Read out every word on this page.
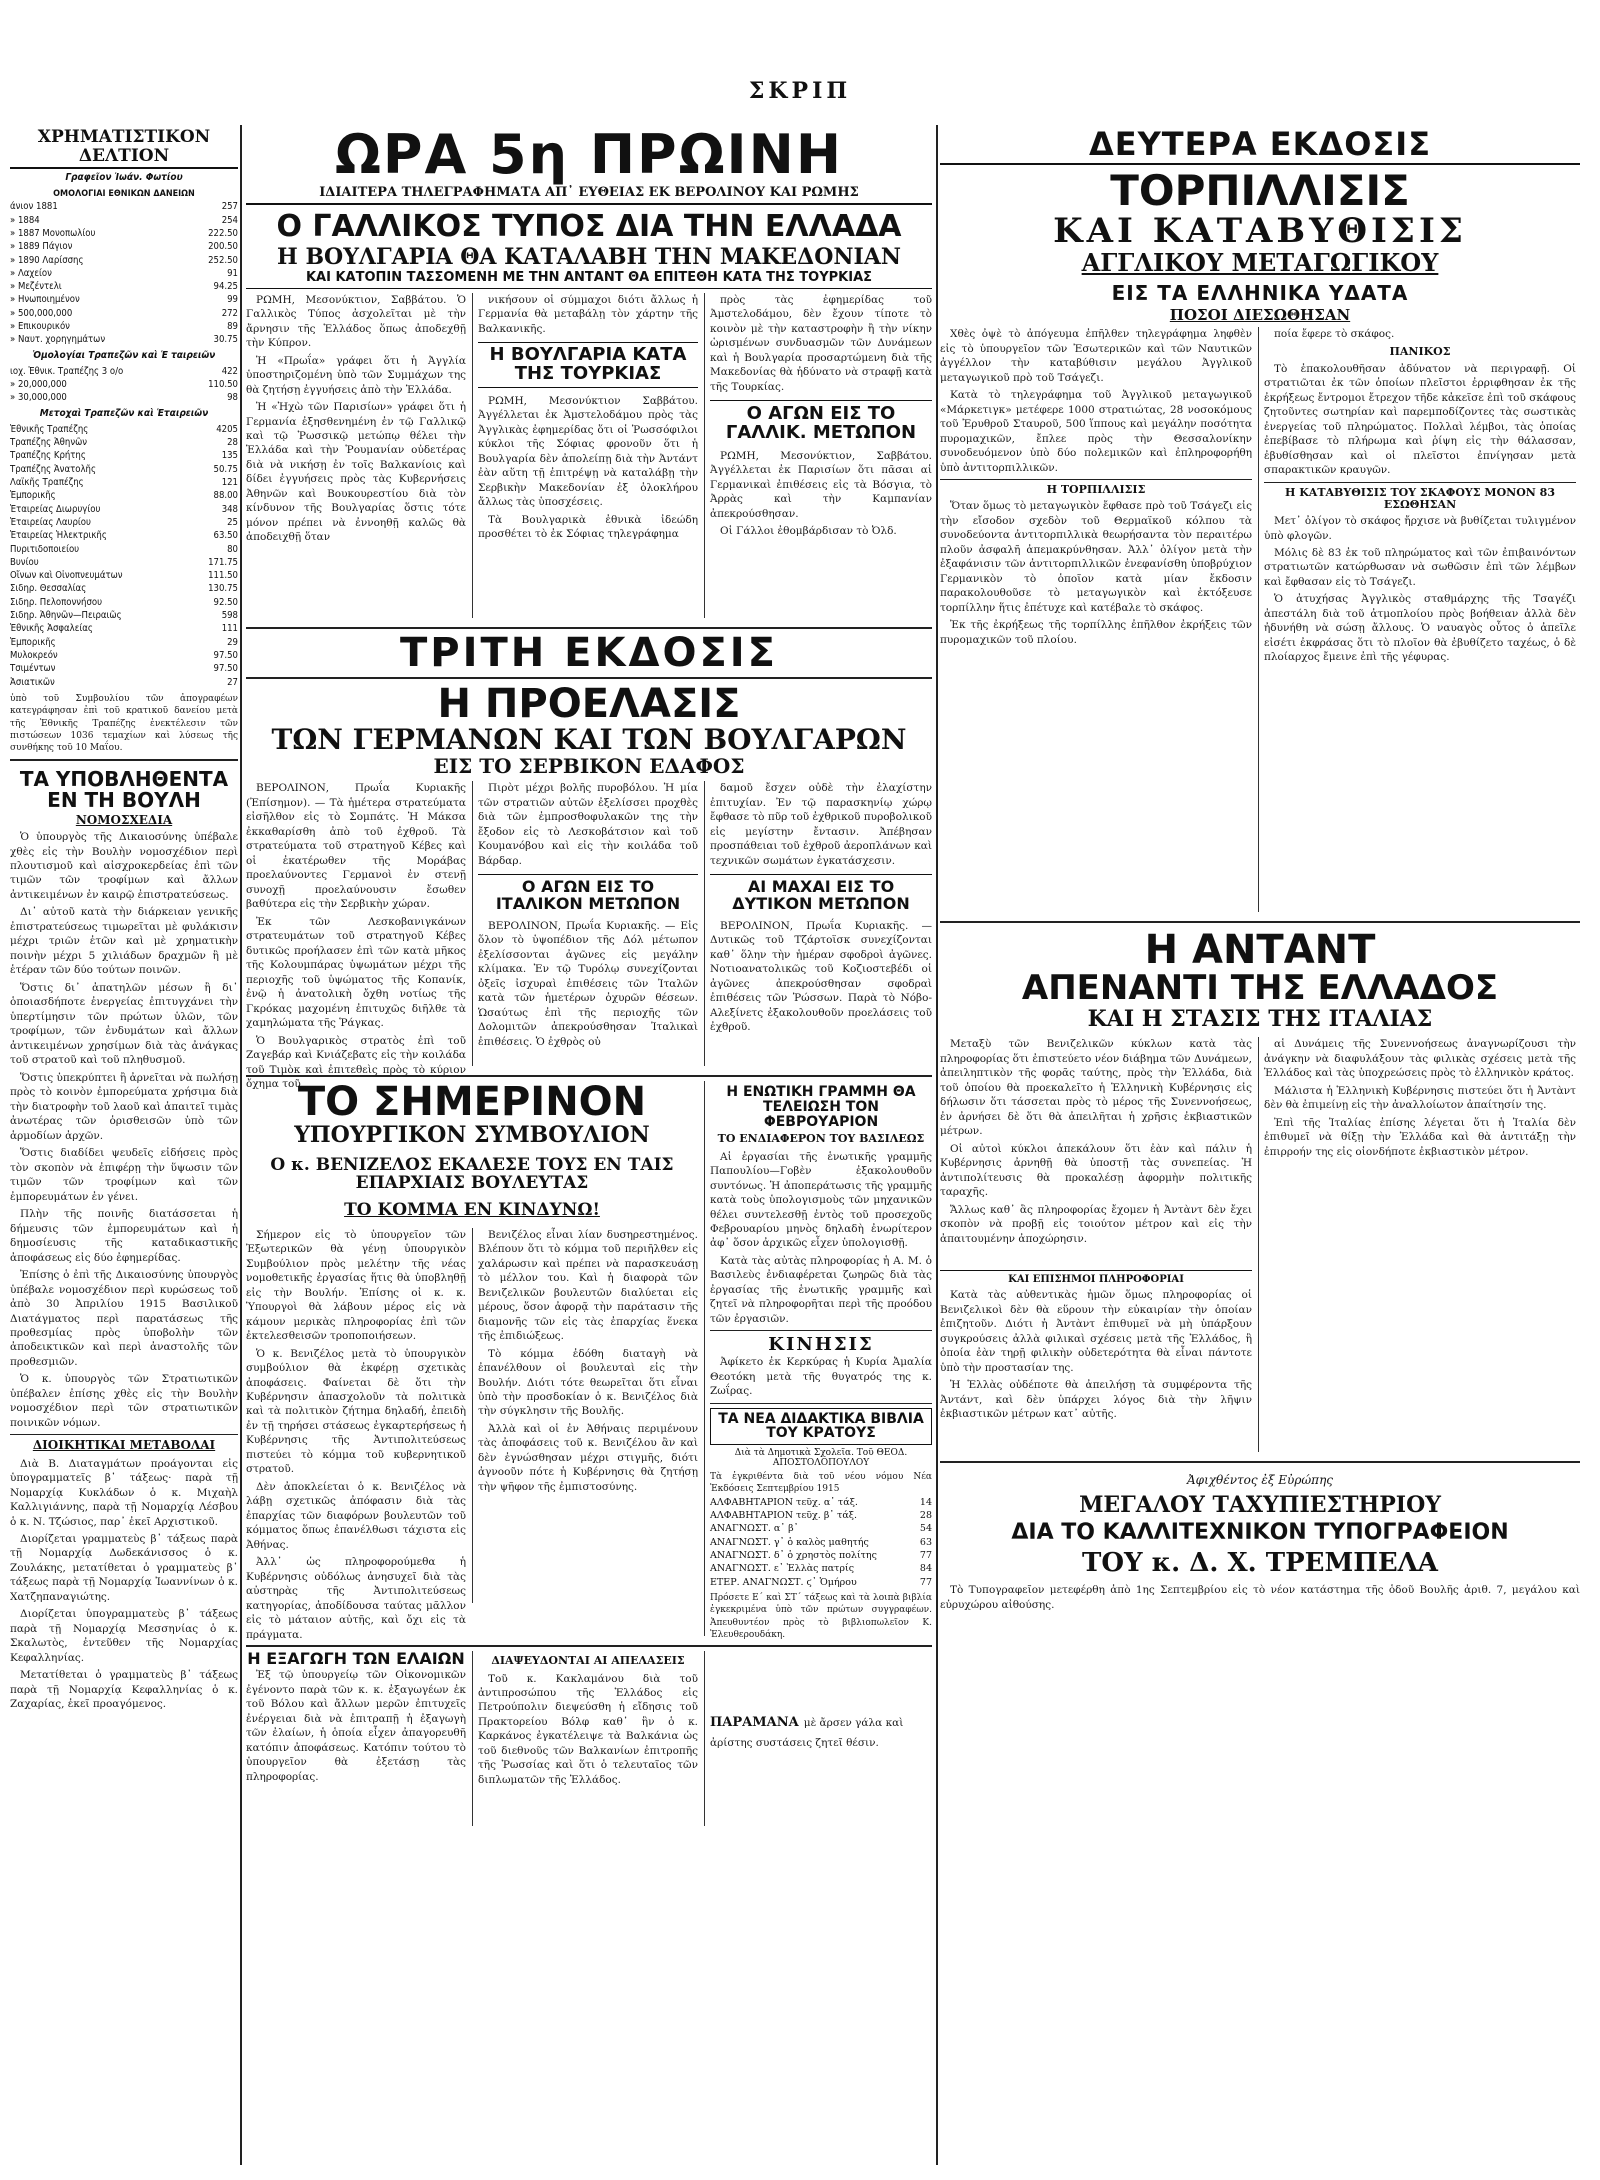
ΣΚΡΙΠ
ΧΡΗΜΑΤΙΣΤΙΚΟΝ ΔΕΛΤΙΟΝ
Γραφεῖον Ἰωάν. Φωτίου
ΟΜΟΛΟΓΙΑΙ ΕΘΝΙΚΩΝ ΔΑΝΕΙΩΝ
άνιον 1881	257
» 1884	254
» 1887 Μονοπωλίου	222.50
» 1889 Πάγιον	200.50
» 1890 Λαρίσσης	252.50
» Λαχείον	91
» Μεζέντελι	94.25
» Ηνωποιημένον	99
» 500,000,000	272
» Επικουρικόν	89
» Ναυτ. χορηγημάτων	30.75
Ὁμολογίαι Τραπεζῶν καὶ Ἑ ταιρειῶν
ιοχ. Ἐθνικ. Τραπέζης 3 ο/ο	422
» 20,000,000	110.50
» 30,000,000	98
Μετοχαὶ Τραπεζῶν καὶ Ἑταιρειῶν
Ἐθνικῆς Τραπέζης	4205
Τραπέζης Ἀθηνῶν	28
Τραπέζης Κρήτης	135
Τραπέζης Ἀνατολῆς	50.75
Λαϊκῆς Τραπέζης	121
Ἐμπορικῆς	88.00
Ἑταιρείας Διωρυγίου	348
Ἑταιρείας Λαυρίου	25
Ἑταιρείας Ἠλεκτρικῆς	63.50
Πυριτιδοποιείου	80
Βυνίου	171.75
Οἴνων καὶ Οἰνοπνευμάτων	111.50
Σιδηρ. Θεσσαλίας	130.75
Σιδηρ. Πελοποννήσου	92.50
Σιδηρ. Ἀθηνῶν—Πειραιῶς	598
Ἐθνικῆς Ἀσφαλείας	111
Ἐμπορικῆς	29
Μυλοκρεόν	97.50
Τσιμέντων	97.50
Ἀσιατικῶν	27
ὑπὸ τοῦ Συμβουλίου τῶν ἀπογραφέων κατεγράφησαν ἐπὶ τοῦ κρατικοῦ δανείου μετὰ τῆς Ἐθνικῆς Τραπέζης ἐνεκτέλεσιν τῶν πιστώσεων 1036 τεμαχίων καὶ λύσεως τῆς συνθήκης τοῦ 10 Μαΐου.
ΤΑ ΥΠΟΒΛΗΘΕΝΤΑ ΕΝ ΤΗ ΒΟΥΛΗ
ΝΟΜΟΣΧΕΔΙΑ

Ὁ ὑπουργὸς τῆς Δικαιοσύνης ὑπέβαλε χθὲς εἰς τὴν Βουλὴν νομοσχέδιον περὶ πλουτισμοῦ καὶ αἰσχροκερδείας ἐπὶ τῶν τιμῶν τῶν τροφίμων καὶ ἄλλων ἀντικειμένων ἐν καιρῷ ἐπιστρατεύσεως.

Δι᾽ αὐτοῦ κατὰ τὴν διάρκειαν γενικῆς ἐπιστρατεύσεως τιμωρεῖται μὲ φυλάκισιν μέχρι τριῶν ἐτῶν καὶ μὲ χρηματικὴν ποινὴν μέχρι 5 χιλιάδων δραχμῶν ἢ μὲ ἑτέραν τῶν δύο τούτων ποινῶν.

Ὅστις δι᾽ ἀπατηλῶν μέσων ἢ δι᾽ ὁποιασδήποτε ἐνεργείας ἐπιτυγχάνει τὴν ὑπερτίμησιν τῶν πρώτων ὑλῶν, τῶν τροφίμων, τῶν ἐνδυμάτων καὶ ἄλλων ἀντικειμένων χρησίμων διὰ τὰς ἀνάγκας τοῦ στρατοῦ καὶ τοῦ πληθυσμοῦ.

Ὅστις ὑπεκρύπτει ἢ ἀρνεῖται νὰ πωλήσῃ πρὸς τὸ κοινὸν ἐμπορεύματα χρήσιμα διὰ τὴν διατροφὴν τοῦ λαοῦ καὶ ἀπαιτεῖ τιμὰς ἀνωτέρας τῶν ὁρισθεισῶν ὑπὸ τῶν ἁρμοδίων ἀρχῶν.

Ὅστις διαδίδει ψευδεῖς εἰδήσεις πρὸς τὸν σκοπὸν νὰ ἐπιφέρῃ τὴν ὕψωσιν τῶν τιμῶν τῶν τροφίμων καὶ τῶν ἐμπορευμάτων ἐν γένει.

Πλὴν τῆς ποινῆς διατάσσεται ἡ δήμευσις τῶν ἐμπορευμάτων καὶ ἡ δημοσίευσις τῆς καταδικαστικῆς ἀποφάσεως εἰς δύο ἐφημερίδας.

Ἐπίσης ὁ ἐπὶ τῆς Δικαιοσύνης ὑπουργὸς ὑπέβαλε νομοσχέδιον περὶ κυρώσεως τοῦ ἀπὸ 30 Ἀπριλίου 1915 Βασιλικοῦ Διατάγματος περὶ παρατάσεως τῆς προθεσμίας πρὸς ὑποβολὴν τῶν ἀποδεικτικῶν καὶ περὶ ἀναστολῆς τῶν προθεσμιῶν.

Ὁ κ. ὑπουργὸς τῶν Στρατιωτικῶν ὑπέβαλεν ἐπίσης χθὲς εἰς τὴν Βουλὴν νομοσχέδιον περὶ τῶν στρατιωτικῶν ποινικῶν νόμων.

ΔΙΟΙΚΗΤΙΚΑΙ ΜΕΤΑΒΟΛΑΙ

Διὰ Β. Διαταγμάτων προάγονται εἰς ὑπογραμματεῖς β᾽ τάξεως· παρὰ τῇ Νομαρχίᾳ Κυκλάδων ὁ κ. Μιχαὴλ Καλλιγιάννης, παρὰ τῇ Νομαρχίᾳ Λέσβου ὁ κ. Ν. Τζώσιος, παρ᾽ ἐκεῖ Αρχιστικοῦ.

Διορίζεται γραμματεὺς β᾽ τάξεως παρὰ τῇ Νομαρχίᾳ Δωδεκάνισσος ὁ κ. Ζουλάκης, μετατίθεται ὁ γραμματεὺς β᾽ τάξεως παρὰ τῇ Νομαρχίᾳ Ἰωαννίνων ὁ κ. Χατζηπαναγιώτης.

Διορίζεται ὑπογραμματεὺς β᾽ τάξεως παρὰ τῇ Νομαρχίᾳ Μεσσηνίας ὁ κ. Σκαλωτὸς, ἐντεῦθεν τῆς Νομαρχίας Κεφαλληνίας.

Μετατίθεται ὁ γραμματεὺς β᾽ τάξεως παρὰ τῇ Νομαρχίᾳ Κεφαλληνίας ὁ κ. Ζαχαρίας, ἐκεῖ προαγόμενος.

ΩΡΑ 5η ΠΡΩΙΝΗ
ΙΔΙΑΙΤΕΡΑ ΤΗΛΕΓΡΑΦΗΜΑΤΑ ΑΠ᾽ ΕΥΘΕΙΑΣ ΕΚ ΒΕΡΟΛΙΝΟΥ ΚΑΙ ΡΩΜΗΣ
Ο ΓΑΛΛΙΚΟΣ ΤΥΠΟΣ ΔΙΑ ΤΗΝ ΕΛΛΑΔΑ
Η ΒΟΥΛΓΑΡΙΑ ΘΑ ΚΑΤΑΛΑΒΗ ΤΗΝ ΜΑΚΕΔΟΝΙΑΝ
ΚΑΙ ΚΑΤΟΠΙΝ ΤΑΣΣΟΜΕΝΗ ΜΕ ΤΗΝ ΑΝΤΑΝΤ ΘΑ ΕΠΙΤΕΘΗ ΚΑΤΑ ΤΗΣ ΤΟΥΡΚΙΑΣ

ΡΩΜΗ, Μεσονύκτιον, Σαββάτου. Ὁ Γαλλικὸς Τύπος ἀσχολεῖται μὲ τὴν ἄρνησιν τῆς Ἑλλάδος ὅπως ἀποδεχθῇ τὴν Κύπρον.

Ἡ «Πρωΐα» γράφει ὅτι ἡ Ἀγγλία ὑποστηριζομένη ὑπὸ τῶν Συμμάχων της θὰ ζητήσῃ ἐγγυήσεις ἀπὸ τὴν Ἑλλάδα.

Ἡ «Ἠχὼ τῶν Παρισίων» γράφει ὅτι ἡ Γερμανία ἐξησθενημένη ἐν τῷ Γαλλικῷ καὶ τῷ Ῥωσσικῷ μετώπῳ θέλει τὴν Ἑλλάδα καὶ τὴν Ῥουμανίαν οὐδετέρας διὰ νὰ νικήσῃ ἐν τοῖς Βαλκανίοις καὶ δίδει ἐγγυήσεις πρὸς τὰς Κυβερνήσεις Ἀθηνῶν καὶ Βουκουρεστίου διὰ τὸν κίνδυνον τῆς Βουλγαρίας ὅστις τότε μόνον πρέπει νὰ ἐννοηθῇ καλῶς θὰ ἀποδειχθῇ ὅταν

νικήσουν οἱ σύμμαχοι διότι ἄλλως ἡ Γερμανία θὰ μεταβάλῃ τὸν χάρτην τῆς Βαλκανικῆς.

Η ΒΟΥΛΓΑΡΙΑ ΚΑΤΑ ΤΗΣ ΤΟΥΡΚΙΑΣ

ΡΩΜΗ, Μεσονύκτιον Σαββάτου. Ἀγγέλλεται ἐκ Ἀμστελοδάμου πρὸς τὰς Ἀγγλικὰς ἐφημερίδας ὅτι οἱ Ῥωσσόφιλοι κύκλοι τῆς Σόφιας φρονοῦν ὅτι ἡ Βουλγαρία δὲν ἀπολείπῃ διὰ τὴν Ἀντάντ ἐὰν αὕτη τῇ ἐπιτρέψῃ νὰ καταλάβῃ τὴν Σερβικὴν Μακεδονίαν ἐξ ὁλοκλήρου ἄλλως τὰς ὑποσχέσεις.

Τὰ Βουλγαρικὰ ἐθνικὰ ἰδεώδη προσθέτει τὸ ἐκ Σόφιας τηλεγράφημα

πρὸς τὰς ἐφημερίδας τοῦ Ἀμστελοδάμου, δὲν ἔχουν τίποτε τὸ κοινὸν μὲ τὴν καταστροφὴν ἢ τὴν νίκην ὡρισμένων συνδυασμῶν τῶν Δυνάμεων καὶ ἡ Βουλγαρία προσαρτώμενη διὰ τῆς Μακεδονίας θὰ ἠδύνατο νὰ στραφῇ κατὰ τῆς Τουρκίας.

Ο ΑΓΩΝ ΕΙΣ ΤΟ ΓΑΛΛΙΚ. ΜΕΤΩΠΟΝ

ΡΩΜΗ, Μεσονύκτιον, Σαββάτου. Ἀγγέλλεται ἐκ Παρισίων ὅτι πᾶσαι αἱ Γερμανικαὶ ἐπιθέσεις εἰς τὰ Βόσγια, τὸ Ἀρρὰς καὶ τὴν Καμπανίαν ἀπεκρούσθησαν.

Οἱ Γάλλοι ἐθομβάρδισαν τὸ Ὀλδ.

ΤΡΙΤΗ ΕΚΔΟΣΙΣ
Η ΠΡΟΕΛΑΣΙΣ
ΤΩΝ ΓΕΡΜΑΝΩΝ ΚΑΙ ΤΩΝ ΒΟΥΛΓΑΡΩΝ
ΕΙΣ ΤΟ ΣΕΡΒΙΚΟΝ ΕΔΑΦΟΣ

ΒΕΡΟΛΙΝΟΝ, Πρωΐα Κυριακῆς (Ἐπίσημον). — Τὰ ἡμέτερα στρατεύματα εἰσῆλθον εἰς τὸ Σομπάτς. Ἡ Μάκσα ἐκκαθαρίσθη ἀπὸ τοῦ ἐχθροῦ. Τὰ στρατεύματα τοῦ στρατηγοῦ Κέβες καὶ οἱ ἐκατέρωθεν τῆς Μοράβας προελαύνοντες Γερμανοὶ ἐν στενῇ συνοχῇ προελαύνουσιν ἔσωθεν βαθύτερα εἰς τὴν Σερβικὴν χώραν.

Ἐκ τῶν Λεσκοβανιγκάνων στρατευμάτων τοῦ στρατηγοῦ Κέβες δυτικῶς προήλασεν ἐπὶ τῶν κατὰ μῆκος τῆς Κολουμπάρας ὑψωμάτων μέχρι τῆς περιοχῆς τοῦ ὑψώματος τῆς Κοπανίκ, ἐνῷ ἡ ἀνατολικὴ ὄχθη νοτίως τῆς Γκρόκας μαχομένη ἐπιτυχῶς διῆλθε τὰ χαμηλώματα τῆς Ῥάγκας.

Ὁ Βουλγαρικὸς στρατὸς ἐπὶ τοῦ Ζαγεβάρ καὶ Κνιάζεβατς εἰς τὴν κοιλάδα τοῦ Τιμὸκ καὶ ἐπιτεθεὶς πρὸς τὸ κύριον ὄχημα τοῦ

Πιρὸτ μέχρι βολῆς πυροβόλου. Ἡ μία τῶν στρατιῶν αὐτῶν ἐξελίσσει προχθὲς διὰ τῶν ἐμπροσθοφυλακῶν της τὴν ἔξοδον εἰς τὸ Λεσκοβάτσιον καὶ τοῦ Κουμανόβου καὶ εἰς τὴν κοιλάδα τοῦ Βάρδαρ.

Ο ΑΓΩΝ ΕΙΣ ΤΟ ΙΤΑΛΙΚΟΝ ΜΕΤΩΠΟΝ

ΒΕΡΟΛΙΝΟΝ, Πρωΐα Κυριακῆς. — Εἰς ὅλον τὸ ὑψοπέδιον τῆς Δόλ μέτωπον ἐξελίσσονται ἀγῶνες εἰς μεγάλην κλίμακα. Ἐν τῷ Τυρόλῳ συνεχίζονται ὀξεῖς ἰσχυραὶ ἐπιθέσεις τῶν Ἰταλῶν κατὰ τῶν ἡμετέρων ὀχυρῶν θέσεων. Ὡσαύτως ἐπὶ τῆς περιοχῆς τῶν Δολομιτῶν ἀπεκρούσθησαν Ἰταλικαὶ ἐπιθέσεις. Ὁ ἐχθρὸς οὐ

δαμοῦ ἔσχεν οὐδὲ τὴν ἐλαχίστην ἐπιτυχίαν. Ἐν τῷ παρασκηνίῳ χώρῳ ἔφθασε τὸ πῦρ τοῦ ἐχθρικοῦ πυροβολικοῦ εἰς μεγίστην ἔντασιν. Ἀπέβησαν προσπάθειαι τοῦ ἐχθροῦ ἀεροπλάνων καὶ τεχνικῶν σωμάτων ἐγκατάσχεσιν.

ΑΙ ΜΑΧΑΙ ΕΙΣ ΤΟ ΔΥΤΙΚΟΝ ΜΕΤΩΠΟΝ

ΒΕΡΟΛΙΝΟΝ, Πρωΐα Κυριακῆς. — Δυτικῶς τοῦ Τζάρτοϊσκ συνεχίζονται καθ᾽ ὅλην τὴν ἡμέραν σφοδροὶ ἀγῶνες. Νοτιοανατολικῶς τοῦ Κοζιοστεβέδι οἱ ἀγῶνες ἀπεκρούσθησαν σφοδραὶ ἐπιθέσεις τῶν Ῥώσσων. Παρὰ τὸ Νόβο-Αλεξίνετς ἐξακολουθοῦν προελάσεις τοῦ ἐχθροῦ.

ΤΟ ΣΗΜΕΡΙΝΟΝ
ΥΠΟΥΡΓΙΚΟΝ ΣΥΜΒΟΥΛΙΟΝ
Ο κ. ΒΕΝΙΖΕΛΟΣ ΕΚΑΛΕΣΕ ΤΟΥΣ ΕΝ ΤΑΙΣ ΕΠΑΡΧΙΑΙΣ ΒΟΥΛΕΥΤΑΣ
ΤΟ ΚΟΜΜΑ ΕΝ ΚΙΝΔΥΝΩ!

Σήμερον εἰς τὸ ὑπουργεῖον τῶν Ἐξωτερικῶν θὰ γένῃ ὑπουργικὸν Συμβούλιον πρὸς μελέτην τῆς νέας νομοθετικῆς ἐργασίας ἥτις θὰ ὑποβληθῇ εἰς τὴν Βουλήν. Ἐπίσης οἱ κ. κ. Ὑπουργοὶ θὰ λάβουν μέρος εἰς νὰ κάμουν μερικὰς πληροφορίας ἐπὶ τῶν ἐκτελεσθεισῶν τροποποιήσεων.

Ὁ κ. Βενιζέλος μετὰ τὸ ὑπουργικὸν συμβούλιον θὰ ἐκφέρῃ σχετικὰς ἀποφάσεις. Φαίνεται δὲ ὅτι τὴν Κυβέρνησιν ἀπασχολοῦν τὰ πολιτικὰ καὶ τὰ πολιτικὸν ζήτημα δηλαδή, ἐπειδὴ ἐν τῇ τηρήσει στάσεως ἐγκαρτερήσεως ἡ Κυβέρνησις τῆς Ἀντιπολιτεύσεως πιστεύει τὸ κόμμα τοῦ κυβερνητικοῦ στρατοῦ.

Δὲν ἀποκλείεται ὁ κ. Βενιζέλος νὰ λάβῃ σχετικῶς ἀπόφασιν διὰ τὰς ἐπαρχίας τῶν διαφόρων βουλευτῶν τοῦ κόμματος ὅπως ἐπανέλθωσι τάχιστα εἰς Ἀθήνας.

Ἀλλ᾽ ὡς πληροφορούμεθα ἡ Κυβέρνησις οὐδόλως ἀνησυχεῖ διὰ τὰς αὐστηρὰς τῆς Ἀντιπολιτεύσεως κατηγορίας, ἀποδίδουσα ταύτας μᾶλλον εἰς τὸ μάταιον αὐτῆς, καὶ ὄχι εἰς τὰ πράγματα.

Βενιζέλος εἶναι λίαν δυσηρεστημένος. Βλέπουν ὅτι τὸ κόμμα τοῦ περιῆλθεν εἰς χαλάρωσιν καὶ πρέπει νὰ παρασκευάσῃ τὸ μέλλον του. Καὶ ἡ διαφορὰ τῶν Βενιζελικῶν βουλευτῶν διαλύεται εἰς μέρους, ὅσον ἀφορᾷ τὴν παράτασιν τῆς διαμονῆς τῶν εἰς τὰς ἐπαρχίας ἕνεκα τῆς ἐπιδιώξεως.

Τὸ κόμμα ἐδόθη διαταγὴ νὰ ἐπανέλθουν οἱ βουλευταὶ εἰς τὴν Βουλήν. Διότι τότε θεωρεῖται ὅτι εἶναι ὑπὸ τὴν προσδοκίαν ὁ κ. Βενιζέλος διὰ τὴν σύγκλησιν τῆς Βουλῆς.

Ἀλλὰ καὶ οἱ ἐν Ἀθήναις περιμένουν τὰς ἀποφάσεις τοῦ κ. Βενιζέλου ἂν καὶ δὲν ἐγνώσθησαν μέχρι στιγμῆς, διότι ἀγνοοῦν πότε ἡ Κυβέρνησις θὰ ζητήσῃ τὴν ψῆφον τῆς ἐμπιστοσύνης.

Η ΕΝΩΤΙΚΗ ΓΡΑΜΜΗ ΘΑ ΤΕΛΕΙΩΣΗ ΤΟΝ ΦΕΒΡΟΥΑΡΙΟΝ
ΤΟ ΕΝΔΙΑΦΕΡΟΝ ΤΟΥ ΒΑΣΙΛΕΩΣ

Αἱ ἐργασίαι τῆς ἑνωτικῆς γραμμῆς Παπουλίου—Γοβὲν ἐξακολουθοῦν συντόνως. Ἡ ἀποπεράτωσις τῆς γραμμῆς κατὰ τοὺς ὑπολογισμοὺς τῶν μηχανικῶν θέλει συντελεσθῇ ἐντὸς τοῦ προσεχοῦς Φεβρουαρίου μηνὸς δηλαδὴ ἐνωρίτερον ἀφ᾽ ὅσον ἀρχικῶς εἶχεν ὑπολογισθῇ.

Κατὰ τὰς αὐτὰς πληροφορίας ἡ Α. Μ. ὁ Βασιλεὺς ἐνδιαφέρεται ζωηρῶς διὰ τὰς ἐργασίας τῆς ἑνωτικῆς γραμμῆς καὶ ζητεῖ νὰ πληροφορῆται περὶ τῆς προόδου τῶν ἐργασιῶν.

ΚΙΝΗΣΙΣ
Ἀφίκετο ἐκ Κερκύρας ἡ Κυρία Ἀμαλία Θεοτόκη μετὰ τῆς θυγατρός της κ. Ζωΐρας.
ΤΑ ΝΕΑ ΔΙΔΑΚΤΙΚΑ ΒΙΒΛΙΑ ΤΟΥ ΚΡΑΤΟΥΣ
Διὰ τὰ Δημοτικὰ Σχολεῖα. Τοῦ ΘΕΟΔ. ΑΠΟΣΤΟΛΟΠΟΥΛΟΥ
Τὰ ἐγκριθέντα διὰ τοῦ νέου νόμου Νέα Ἐκδόσεις Σεπτεμβρίου 1915
ΑΛΦΑΒΗΤΑΡΙΟΝ τεῦχ. α᾽ τάξ.	14
ΑΛΦΑΒΗΤΑΡΙΟΝ τεῦχ. β᾽ τάξ.	28
ΑΝΑΓΝΩΣΤ. α᾽ β᾽	54
ΑΝΑΓΝΩΣΤ. γ᾽ ὁ καλὸς μαθητής	63
ΑΝΑΓΝΩΣΤ. δ᾽ ὁ χρηστὸς πολίτης	77
ΑΝΑΓΝΩΣΤ. ε᾽ Ἐλλὰς πατρίς	84
ΕΤΕΡ. ΑΝΑΓΝΩΣΤ. ϛ᾽ Ὁμήρου	77
Πρόσετε Ε΄ καὶ ΣΤ΄ τάξεως καὶ τὰ λοιπὰ βιβλία ἐγκεκριμένα ὑπὸ τῶν πρώτων συγγραφέων. Ἀπευθυντέον πρὸς τὸ βιβλιοπωλεῖον Κ. Ἐλευθερουδάκη.
Η ΕΞΑΓΩΓΗ ΤΩΝ ΕΛΑΙΩΝ

Ἐξ τῷ ὑπουργείῳ τῶν Οἰκονομικῶν ἐγένοντο παρὰ τῶν κ. κ. ἐξαγωγέων ἐκ τοῦ Βόλου καὶ ἄλλων μερῶν ἐπιτυχεῖς ἐνέργειαι διὰ νὰ ἐπιτραπῇ ἡ ἐξαγωγὴ τῶν ἐλαίων, ἡ ὁποία εἶχεν ἀπαγορευθῆ κατόπιν ἀποφάσεως. Κατόπιν τούτου τὸ ὑπουργεῖον θὰ ἐξετάσῃ τὰς πληροφορίας.

ΔΙΑΨΕΥΔΟΝΤΑΙ ΑΙ ΑΠΕΛΑΣΕΙΣ

Τοῦ κ. Κακλαμάνου διὰ τοῦ ἀντιπροσώπου τῆς Ἑλλάδος εἰς Πετρούπολιν διεψεύσθη ἡ εἴδησις τοῦ Πρακτορείου Βόλφ καθ᾽ ἣν ὁ κ. Καρκάνος ἐγκατέλειψε τὰ Βαλκάνια ὡς τοῦ διεθνοῦς τῶν Βαλκανίων ἐπιτροπῆς τῆς Ῥωσσίας καὶ ὅτι ὁ τελευταῖος τῶν διπλωματῶν τῆς Ἑλλάδος.

ΠΑΡΑΜΑΝΑ μὲ ἄρσεν γάλα καὶ ἀρίστης συστάσεις ζητεῖ θέσιν.
ΔΕΥΤΕΡΑ ΕΚΔΟΣΙΣ
ΤΟΡΠΙΛΛΙΣΙΣ
ΚΑΙ ΚΑΤΑΒΥΘΙΣΙΣ
ΑΓΓΛΙΚΟΥ ΜΕΤΑΓΩΓΙΚΟΥ
ΕΙΣ ΤΑ ΕΛΛΗΝΙΚΑ ΥΔΑΤΑ
ΠΟΣΟΙ ΔΙΕΣΩΘΗΣΑΝ

Χθὲς ὀψὲ τὸ ἀπόγευμα ἐπῆλθεν τηλεγράφημα ληφθὲν εἰς τὸ ὑπουργεῖον τῶν Ἐσωτερικῶν καὶ τῶν Ναυτικῶν ἀγγέλλον τὴν καταβύθισιν μεγάλου Ἀγγλικοῦ μεταγωγικοῦ πρὸ τοῦ Τσάγεζι.

Κατὰ τὸ τηλεγράφημα τοῦ Ἀγγλικοῦ μεταγωγικοῦ «Μάρκετιγκ» μετέφερε 1000 στρατιώτας, 28 νοσοκόμους τοῦ Ἐρυθροῦ Σταυροῦ, 500 ἵππους καὶ μεγάλην ποσότητα πυρομαχικῶν, ἔπλεε πρὸς τὴν Θεσσαλονίκην συνοδευόμενον ὑπὸ δύο πολεμικῶν καὶ ἐπληροφορήθη ὑπὸ ἀντιτορπιλλικῶν.

Η ΤΟΡΠΙΛΛΙΣΙΣ

Ὅταν ὅμως τὸ μεταγωγικὸν ἔφθασε πρὸ τοῦ Τσάγεζι εἰς τὴν εἴσοδον σχεδὸν τοῦ Θερμαϊκοῦ κόλπου τὰ συνοδεύοντα ἀντιτορπιλλικὰ θεωρήσαντα τὸν περαιτέρω πλοῦν ἀσφαλῆ ἀπεμακρύνθησαν. Ἀλλ᾽ ὀλίγον μετὰ τὴν ἐξαφάνισιν τῶν ἀντιτορπιλλικῶν ἐνεφανίσθη ὑποβρύχιον Γερμανικὸν τὸ ὁποῖον κατὰ μίαν ἔκδοσιν παρακολουθοῦσε τὸ μεταγωγικὸν καὶ ἐκτόξευσε τορπίλλην ἥτις ἐπέτυχε καὶ κατέβαλε τὸ σκάφος.

Ἐκ τῆς ἐκρήξεως τῆς τορπίλλης ἐπῆλθον ἐκρήξεις τῶν πυρομαχικῶν τοῦ πλοίου.

ποία ἔφερε τὸ σκάφος.

ΠΑΝΙΚΟΣ

Τὸ ἐπακολουθῆσαν ἀδύνατον νὰ περιγραφῇ. Οἱ στρατιῶται ἐκ τῶν ὁποίων πλεῖστοι ἐρριφθησαν ἐκ τῆς ἐκρήξεως ἔντρομοι ἔτρεχον τῆδε κἀκεῖσε ἐπὶ τοῦ σκάφους ζητοῦντες σωτηρίαν καὶ παρεμποδίζοντες τὰς σωστικὰς ἐνεργείας τοῦ πληρώματος. Πολλαὶ λέμβοι, τὰς ὁποίας ἐπεβίβασε τὸ πλήρωμα καὶ ῥίψη εἰς τὴν θάλασσαν, ἐβυθίσθησαν καὶ οἱ πλεῖστοι ἐπνίγησαν μετὰ σπαρακτικῶν κραυγῶν.

Η ΚΑΤΑΒΥΘΙΣΙΣ ΤΟΥ ΣΚΑΦΟΥΣ ΜΟΝΟΝ 83 ΕΣΩΘΗΣΑΝ

Μετ᾽ ὀλίγον τὸ σκάφος ἤρχισε νὰ βυθίζεται τυλιγμένον ὑπὸ φλογῶν.

Μόλις δὲ 83 ἐκ τοῦ πληρώματος καὶ τῶν ἐπιβαινόντων στρατιωτῶν κατώρθωσαν νὰ σωθῶσιν ἐπὶ τῶν λέμβων καὶ ἔφθασαν εἰς τὸ Τσάγεζι.

Ὁ ἀτυχήσας Ἀγγλικὸς σταθμάρχης τῆς Τσαγέζι ἀπεστάλη διὰ τοῦ ἀτμοπλοίου πρὸς βοήθειαν ἀλλὰ δὲν ἠδυνήθη νὰ σώσῃ ἄλλους. Ὁ ναυαγὸς οὗτος ὁ ἀπεῖλε εἰσέτι ἐκφράσας ὅτι τὸ πλοῖον θὰ ἐβυθίζετο ταχέως, ὁ δὲ πλοίαρχος ἔμεινε ἐπὶ τῆς γέφυρας.

Η ΑΝΤΑΝΤ
ΑΠΕΝΑΝΤΙ ΤΗΣ ΕΛΛΑΔΟΣ
ΚΑΙ Η ΣΤΑΣΙΣ ΤΗΣ ΙΤΑΛΙΑΣ

Μεταξὺ τῶν Βενιζελικῶν κύκλων κατὰ τὰς πληροφορίας ὅτι ἐπιστεύετο νέον διάβημα τῶν Δυνάμεων, ἀπειληπτικὸν τῆς φορᾶς ταύτης, πρὸς τὴν Ἑλλάδα, διὰ τοῦ ὁποίου θὰ προεκαλεῖτο ἡ Ἑλληνικὴ Κυβέρνησις εἰς δήλωσιν ὅτι τάσσεται πρὸς τὸ μέρος τῆς Συνεννοήσεως, ἐν ἀρνήσει δὲ ὅτι θὰ ἀπειλῆται ἡ χρῆσις ἐκβιαστικῶν μέτρων.

Οἱ αὐτοὶ κύκλοι ἀπεκάλουν ὅτι ἐὰν καὶ πάλιν ἡ Κυβέρνησις ἀρνηθῇ θὰ ὑποστῇ τὰς συνεπείας. Ἡ ἀντιπολίτευσις θὰ προκαλέσῃ ἀφορμὴν πολιτικῆς ταραχῆς.

Ἄλλως καθ᾽ ἃς πληροφορίας ἔχομεν ἡ Ἀντὰντ δὲν ἔχει σκοπὸν νὰ προβῇ εἰς τοιούτον μέτρον καὶ εἰς τὴν ἀπαιτουμένην ἀποχώρησιν.

αἱ Δυνάμεις τῆς Συνεννοήσεως ἀναγνωρίζουσι τὴν ἀνάγκην νὰ διαφυλάξουν τὰς φιλικὰς σχέσεις μετὰ τῆς Ἑλλάδος καὶ τὰς ὑποχρεώσεις πρὸς τὸ ἑλληνικὸν κράτος.

Μάλιστα ἡ Ἑλληνικὴ Κυβέρνησις πιστεύει ὅτι ἡ Ἀντὰντ δὲν θὰ ἐπιμείνῃ εἰς τὴν ἀναλλοίωτον ἀπαίτησίν της.

Ἐπὶ τῆς Ἰταλίας ἐπίσης λέγεται ὅτι ἡ Ἰταλία δὲν ἐπιθυμεῖ νὰ θίξῃ τὴν Ἑλλάδα καὶ θὰ ἀντιτάξῃ τὴν ἐπιρροήν της εἰς οἱονδήποτε ἐκβιαστικὸν μέτρον.

ΚΑΙ ΕΠΙΣΗΜΟΙ ΠΛΗΡΟΦΟΡΙΑΙ

Κατὰ τὰς αὐθεντικὰς ἡμῶν ὅμως πληροφορίας οἱ Βενιζελικοὶ δὲν θὰ εὕρουν τὴν εὐκαιρίαν τὴν ὁποίαν ἐπιζητοῦν. Διότι ἡ Ἀντὰντ ἐπιθυμεῖ νὰ μὴ ὑπάρξουν συγκρούσεις ἀλλὰ φιλικαὶ σχέσεις μετὰ τῆς Ἑλλάδος, ἣ ὁποία ἐὰν τηρῇ φιλικὴν οὐδετερότητα θὰ εἶναι πάντοτε ὑπὸ τὴν προστασίαν της.

Ἡ Ἑλλὰς οὐδέποτε θὰ ἀπειλήσῃ τὰ συμφέροντα τῆς Ἀντάντ, καὶ δὲν ὑπάρχει λόγος διὰ τὴν λῆψιν ἐκβιαστικῶν μέτρων κατ᾽ αὐτῆς.

Ἀφιχθέντος ἐξ Εὐρώπης
ΜΕΓΑΛΟΥ ΤΑΧΥΠΙΕΣΤΗΡΙΟΥ
ΔΙΑ ΤΟ ΚΑΛΛΙΤΕΧΝΙΚΟΝ ΤΥΠΟΓΡΑΦΕΙΟΝ
ΤΟΥ κ. Δ. Χ. ΤΡΕΜΠΕΛΑ
Τὸ Τυπογραφεῖον μετεφέρθη ἀπὸ 1ης Σεπτεμβρίου εἰς τὸ νέον κατάστημα τῆς ὁδοῦ Βουλῆς ἀριθ. 7, μεγάλου καὶ εὐρυχώρου αἰθούσης.
